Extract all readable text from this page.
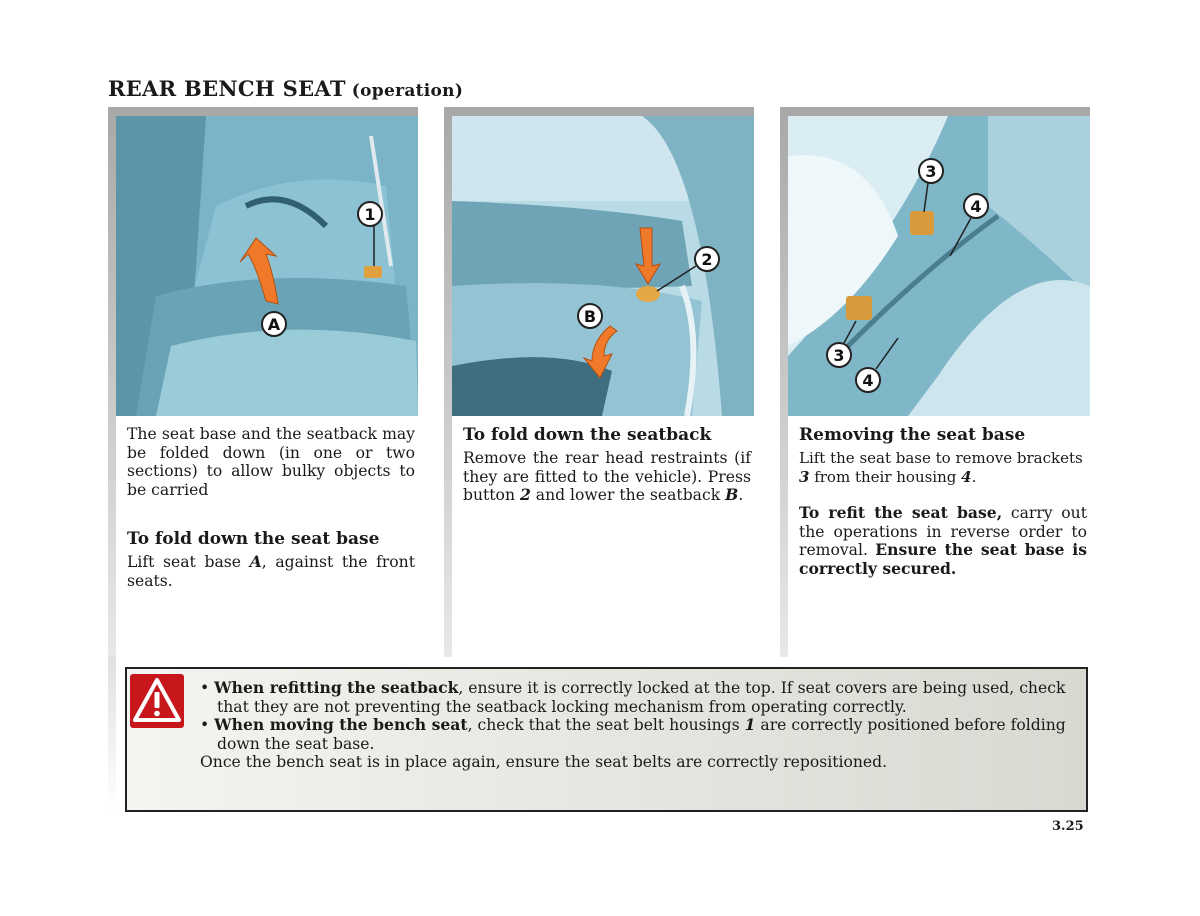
REAR BENCH SEAT (operation)
1
A

The seat base and the seatback may be folded down (in one or two sections) to allow bulky objects to be carried

To fold down the seat base

Lift seat base A, against the front seats.

2
B

To fold down the seatback

Remove the rear head restraints (if they are fitted to the vehicle). Press button 2 and lower the seatback B.

3
4
3
4

Removing the seat base

Lift the seat base to remove brackets 3 from their housing 4.

To refit the seat base, carry out the operations in reverse order to removal. Ensure the seat base is correctly secured.

• When refitting the seatback, ensure it is correctly locked at the top. If seat covers are being used, check that they are not preventing the seatback locking mechanism from operating correctly.

• When moving the bench seat, check that the seat belt housings 1 are correctly positioned before folding down the seat base.

Once the bench seat is in place again, ensure the seat belts are correctly repositioned.

3.25
